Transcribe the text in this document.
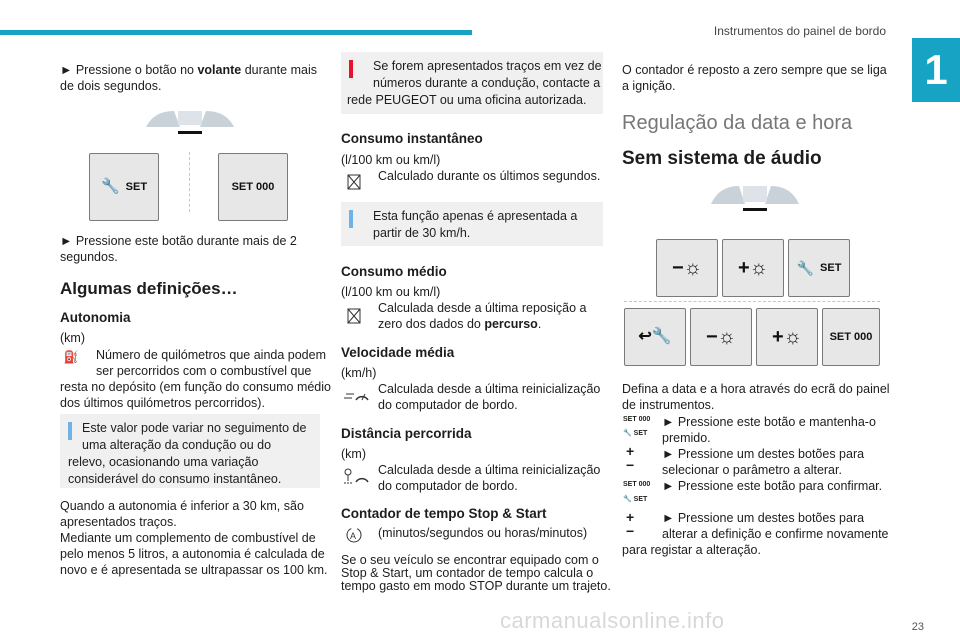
Instrumentos do painel de bordo
1
► Pressione o botão no volante durante mais
de dois segundos.
🔧 SET	SET 000
► Pressione este botão durante mais de 2
segundos.
Algumas definições…
Autonomia
(km)
⛽ Número de quilómetros que ainda podem
ser percorridos com o combustível que
resta no depósito (em função do consumo médio
dos últimos quilómetros percorridos).
Este valor pode variar no seguimento de
uma alteração da condução ou do
relevo, ocasionando uma variação
considerável do consumo instantâneo.
Quando a autonomia é inferior a 30 km, são
apresentados traços.
Mediante um complemento de combustível de
pelo menos 5 litros, a autonomia é calculada de
novo e é apresentada se ultrapassar os 100 km.
Se forem apresentados traços em vez de
números durante a condução, contacte a
rede PEUGEOT ou uma oficina autorizada.
Consumo instantâneo
(l/100 km ou km/l)
Calculado durante os últimos segundos.
Esta função apenas é apresentada a
partir de 30 km/h.
Consumo médio
(l/100 km ou km/l)
Calculada desde a última reposição a
zero dos dados do percurso.
Velocidade média
(km/h)
Calculada desde a última reinicialização
do computador de bordo.
Distância percorrida
(km)
Calculada desde a última reinicialização
do computador de bordo.
Contador de tempo Stop & Start
A (minutos/segundos ou horas/minutos)
Se o seu veículo se encontrar equipado com o
Stop & Start, um contador de tempo calcula o
tempo gasto em modo STOP durante um trajeto.
O contador é reposto a zero sempre que se liga
a ignição.
Regulação da data e hora
Sem sistema de áudio
−☼ +☼ 🔧 SET
↩🔧 −☼ +☼	SET 000
Defina a data e a hora através do ecrã do painel
de instrumentos.
SET 000
🔧 SET
► Pressione este botão e mantenha-o
premido.
+
−
► Pressione um destes botões para
selecionar o parâmetro a alterar.
SET 000
🔧 SET
► Pressione este botão para confirmar.
+
−
► Pressione um destes botões para
alterar a definição e confirme novamente
para registar a alteração.
carmanualsonline.info	23
